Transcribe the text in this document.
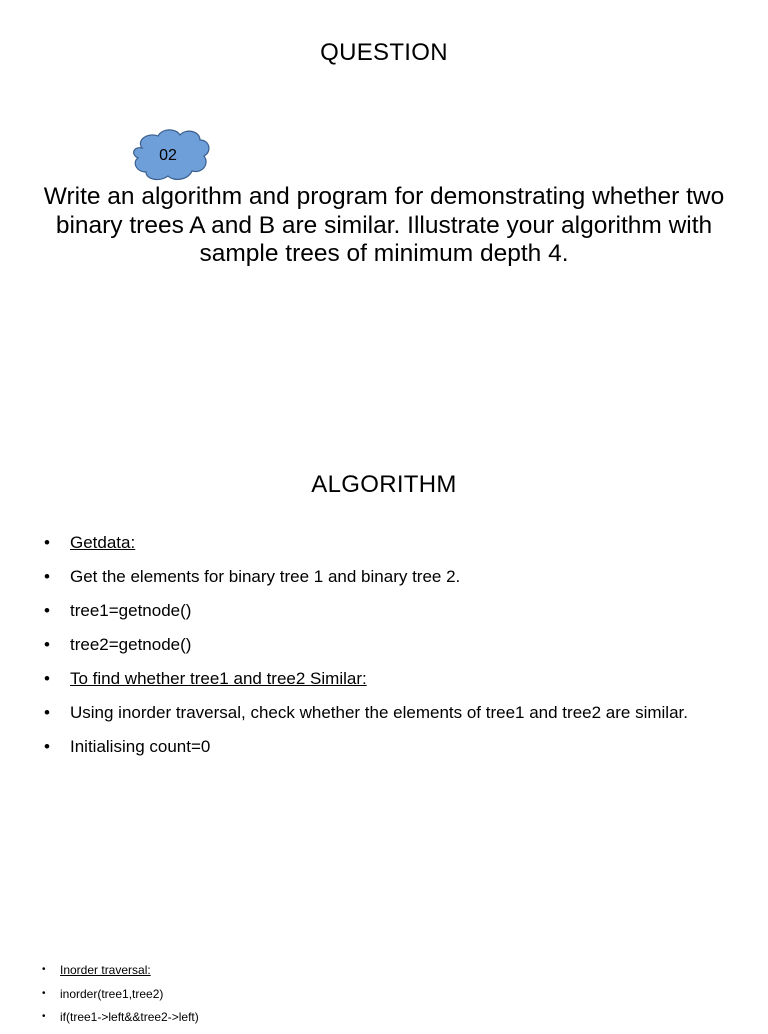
QUESTION
02
Write an algorithm and program for demonstrating whether two binary trees A and B are similar. Illustrate your algorithm with sample trees of minimum depth 4.
ALGORITHM
• Getdata:
• Get the elements for binary tree 1 and binary tree 2.
• tree1=getnode()
• tree2=getnode()
• To find whether tree1 and tree2 Similar:
• Using inorder traversal, check whether the elements of tree1 and tree2 are similar.
• Initialising count=0
• Inorder traversal:
• inorder(tree1,tree2)
• if(tree1->left&&tree2->left)
